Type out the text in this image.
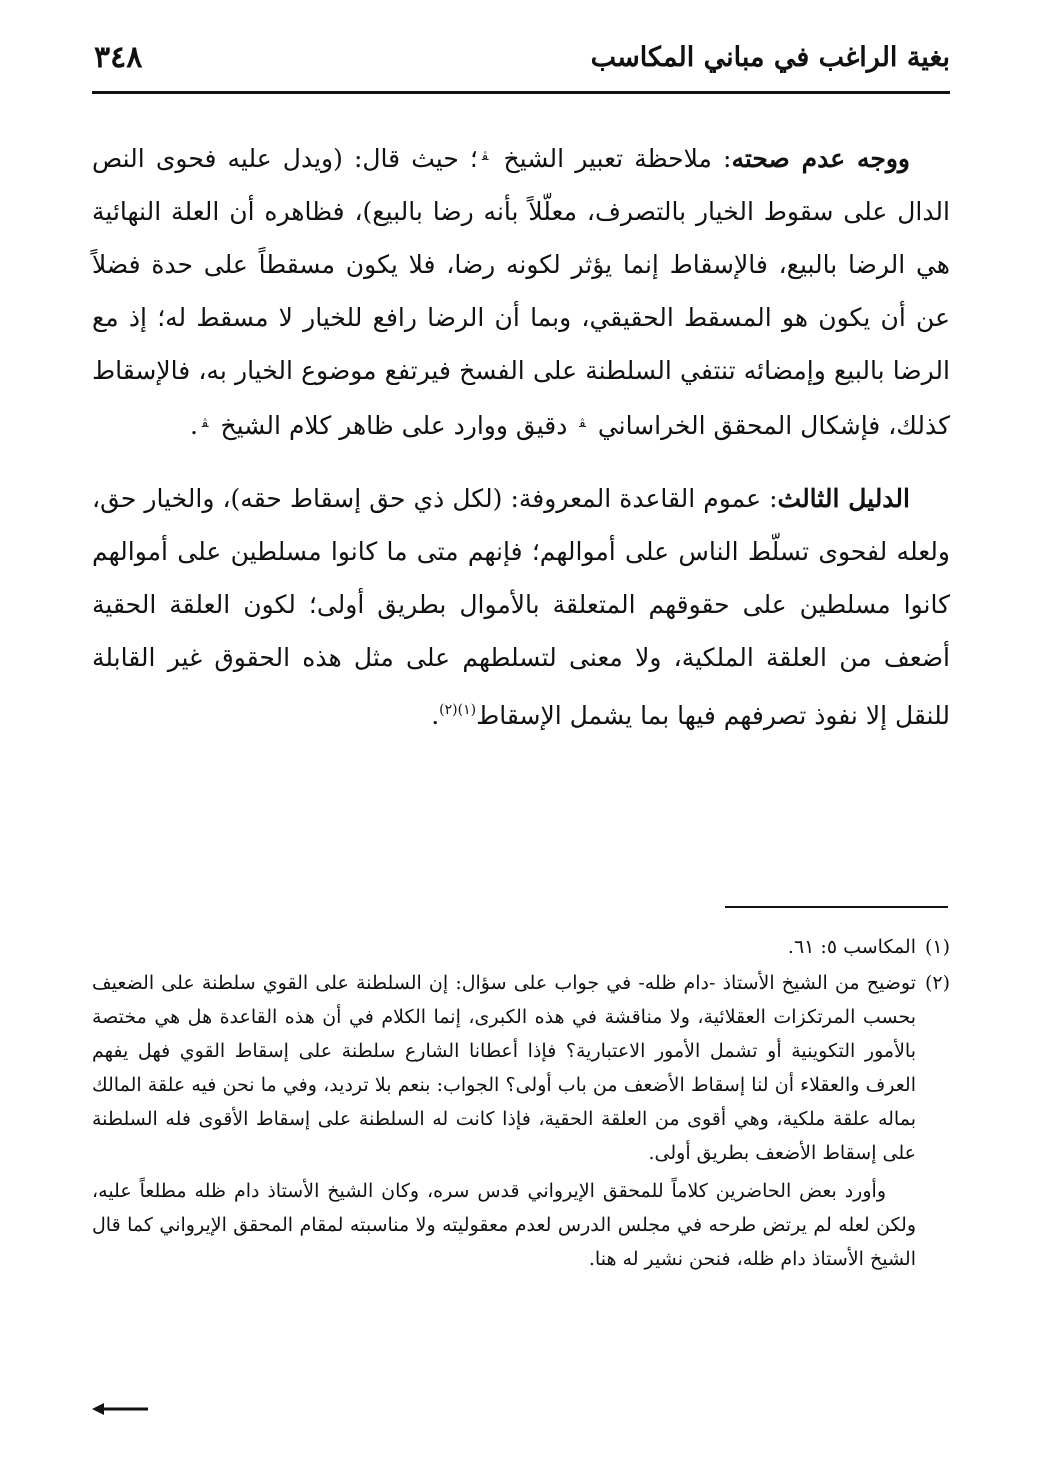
بغية الراغب في مباني المكاسب
٣٤٨

ووجه عدم صحته: ملاحظة تعبير الشيخ $^ﭭ$؛ حيث قال: (ويدل عليه فحوى النص الدال على سقوط الخيار بالتصرف، معلّلاً بأنه رضا بالبيع)، فظاهره أن العلة النهائية هي الرضا بالبيع، فالإسقاط إنما يؤثر لكونه رضا، فلا يكون مسقطاً على حدة فضلاً عن أن يكون هو المسقط الحقيقي، وبما أن الرضا رافع للخيار لا مسقط له؛ إذ مع الرضا بالبيع وإمضائه تنتفي السلطنة على الفسخ فيرتفع موضوع الخيار به، فالإسقاط كذلك، فإشكال المحقق الخراساني $^ﭭ$ دقيق ووارد على ظاهر كلام الشيخ $^ﭭ$.

الدليل الثالث: عموم القاعدة المعروفة: (لكل ذي حق إسقاط حقه)، والخيار حق، ولعله لفحوى تسلّط الناس على أموالهم؛ فإنهم متى ما كانوا مسلطين على أموالهم كانوا مسلطين على حقوقهم المتعلقة بالأموال بطريق أولى؛ لكون العلقة الحقية أضعف من العلقة الملكية، ولا معنى لتسلطهم على مثل هذه الحقوق غير القابلة للنقل إلا نفوذ تصرفهم فيها بما يشمل الإسقاط$^{(١)(٢)}$.

(١)المكاسب ٥: ٦١.

(٢)توضيح من الشيخ الأستاذ -دام ظله- في جواب على سؤال: إن السلطنة على القوي سلطنة على الضعيف بحسب المرتكزات العقلائية، ولا مناقشة في هذه الكبرى، إنما الكلام في أن هذه القاعدة هل هي مختصة بالأمور التكوينية أو تشمل الأمور الاعتبارية؟ فإذا أعطانا الشارع سلطنة على إسقاط القوي فهل يفهم العرف والعقلاء أن لنا إسقاط الأضعف من باب أولى؟ الجواب: بنعم بلا ترديد، وفي ما نحن فيه علقة المالك بماله علقة ملكية، وهي أقوى من العلقة الحقية، فإذا كانت له السلطنة على إسقاط الأقوى فله السلطنة على إسقاط الأضعف بطريق أولى.

وأورد بعض الحاضرين كلاماً للمحقق الإيرواني قدس سره، وكان الشيخ الأستاذ دام ظله مطلعاً عليه، ولكن لعله لم يرتض طرحه في مجلس الدرس لعدم معقوليته ولا مناسبته لمقام المحقق الإيرواني كما قال الشيخ الأستاذ دام ظله، فنحن نشير له هنا.
